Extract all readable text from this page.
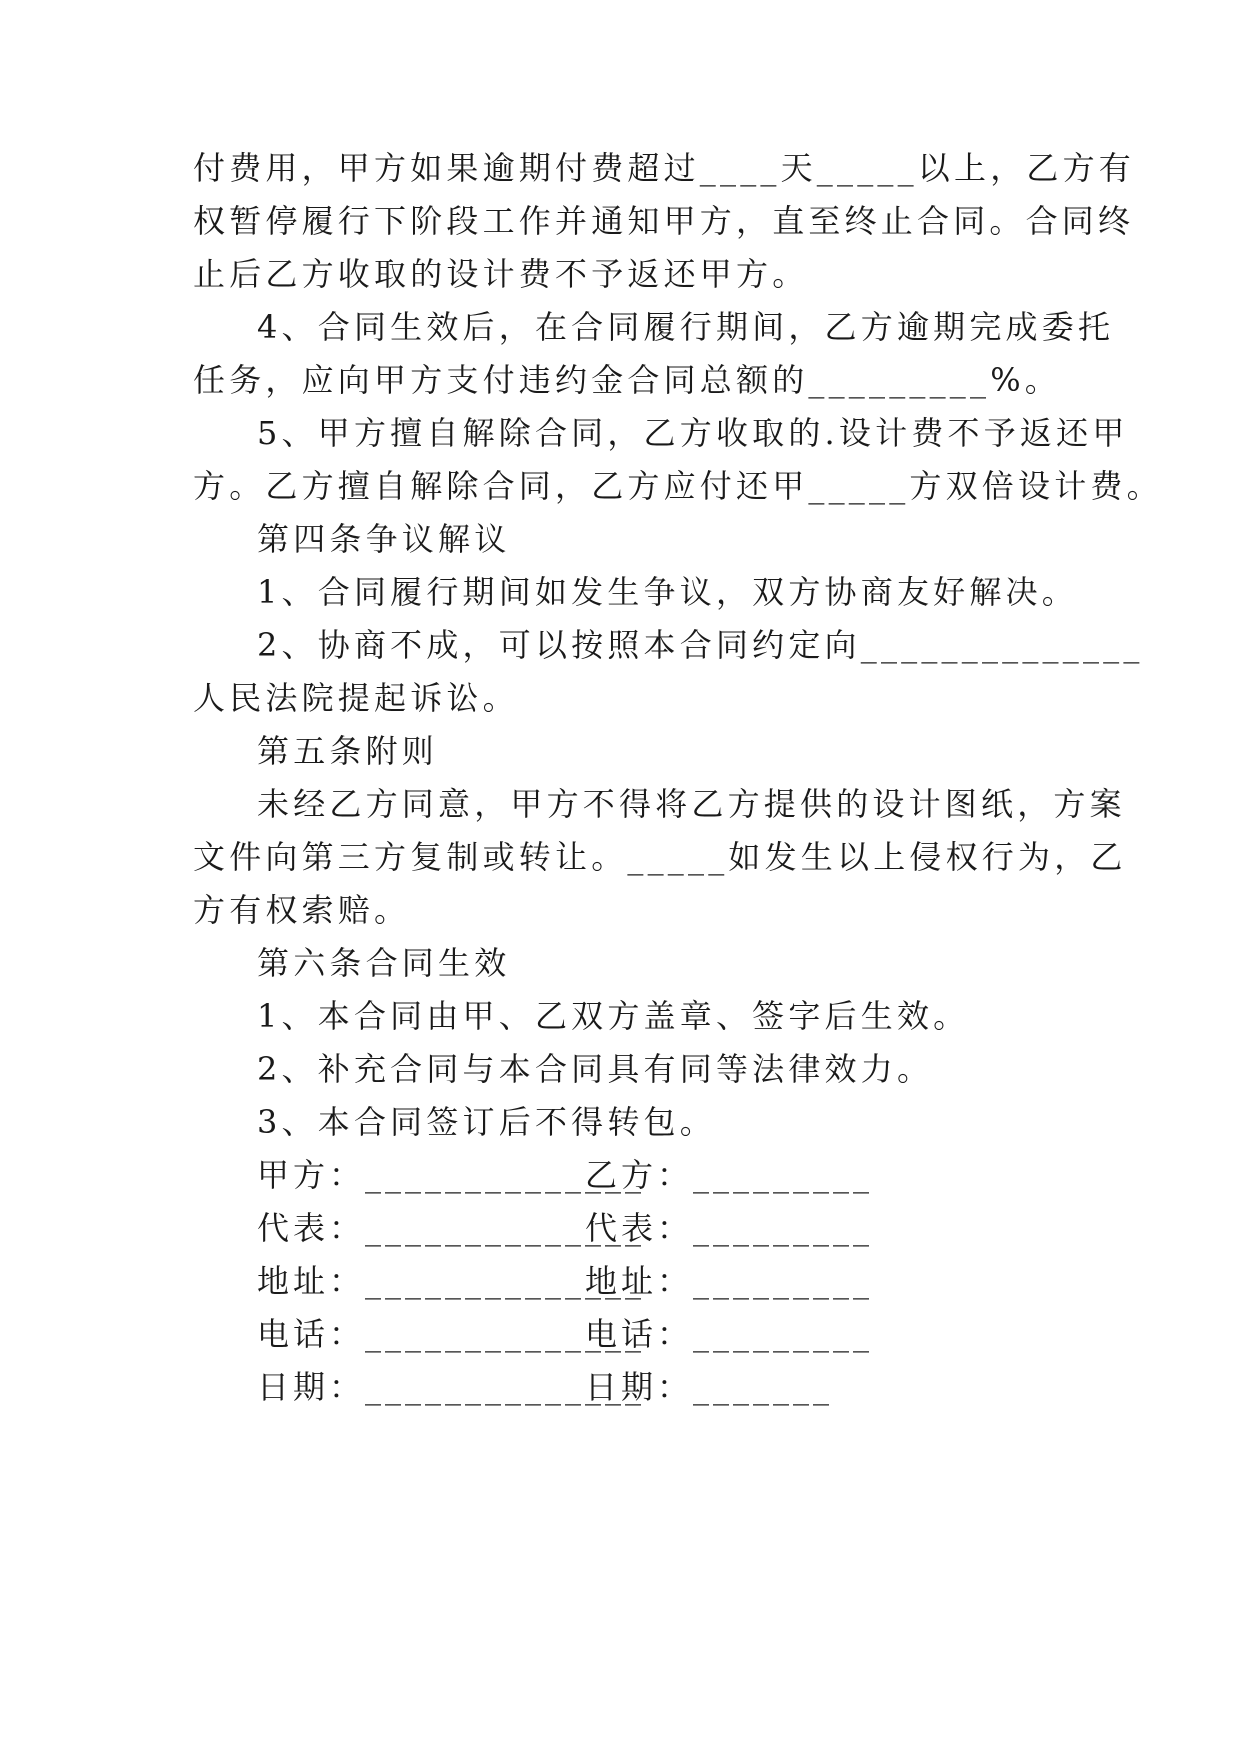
付费用，甲方如果逾期付费超过____天_____以上，乙方有
权暂停履行下阶段工作并通知甲方，直至终止合同。合同终
止后乙方收取的设计费不予返还甲方。
4、合同生效后，在合同履行期间，乙方逾期完成委托
任务，应向甲方支付违约金合同总额的_________%。
5、甲方擅自解除合同，乙方收取的.设计费不予返还甲
方。乙方擅自解除合同，乙方应付还甲_____方双倍设计费。
第四条争议解议
1、合同履行期间如发生争议，双方协商友好解决。
2、协商不成，可以按照本合同约定向______________
人民法院提起诉讼。
第五条附则
未经乙方同意，甲方不得将乙方提供的设计图纸，方案
文件向第三方复制或转让。_____如发生以上侵权行为，乙
方有权索赔。
第六条合同生效
1、本合同由甲、乙双方盖章、签字后生效。
2、补充合同与本合同具有同等法律效力。
3、本合同签订后不得转包。
甲方：______________
乙方：_________
代表：______________
代表：_________
地址：______________
地址：_________
电话：______________
电话：_________
日期：______________
日期：_______
